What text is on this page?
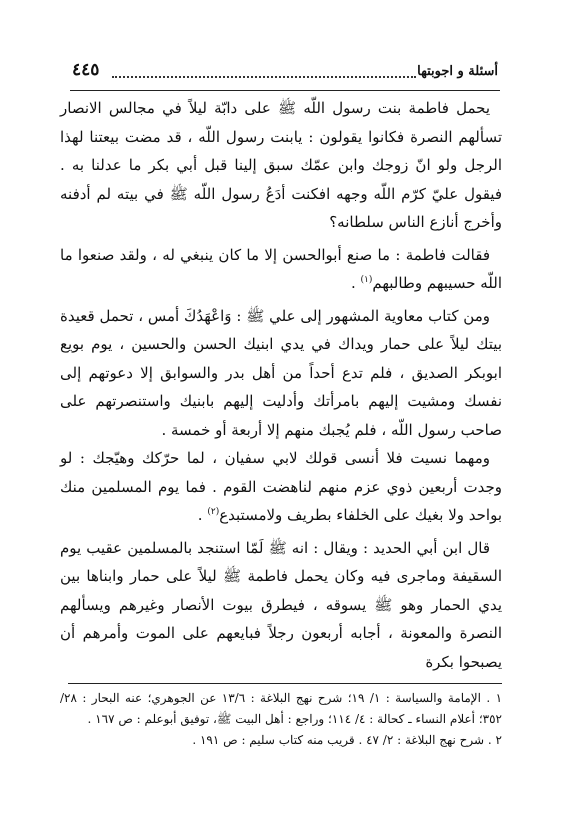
أسئلة و اجوبتها
٤٤٥

يحمل فاطمة بنت رسول اللّه ﷺ على دابّة ليلاً في مجالس الانصار تسألهم النصرة فكانوا يقولون : يابنت رسول اللّه ، قد مضت بيعتنا لهذا الرجل ولو انّ زوجك وابن عمّك سبق إلينا قبل أبي بكر ما عدلنا به . فيقول عليّ كرّم اللّه وجهه افكنت أدَعُ رسول اللّه ﷺ في بيته لم أدفنه وأخرج أنازع الناس سلطانه؟

فقالت فاطمة : ما صنع أبوالحسن إلا ما كان ينبغي له ، ولقد صنعوا ما اللّه حسيبهم وطالبهم$^{(١)}$ .

ومن كتاب معاوية المشهور إلى علي ﷺ : وَاعْهَدُكَ أمس ، تحمل قعيدة بيتك ليلاً على حمار ويداك في يدي ابنيك الحسن والحسين ، يوم بويع ابوبكر الصديق ، فلم تدع أحداً من أهل بدر والسوابق إلا دعوتهم إلى نفسك ومشيت إليهم بامرأتك وأدليت إليهم بابنيك واستنصرتهم على صاحب رسول اللّه ، فلم يُجبك منهم إلا أربعة أو خمسة .

ومهما نسيت فلا أنسى قولك لابي سفيان ، لما حرّكك وهيّجك : لو وجدت أربعين ذوي عزم منهم لناهضت القوم . فما يوم المسلمين منك بواحد ولا بغيك على الخلفاء بطريف ولامستبدع$^{(٢)}$ .

قال ابن أبي الحديد : ويقال : انه ﷺ لَمّا استنجد بالمسلمين عقيب يوم السقيفة وماجرى فيه وكان يحمل فاطمة ﷺ ليلاً على حمار وابناها بين يدي الحمار وهو ﷺ يسوقه ، فيطرق بيوت الأنصار وغيرهم ويسألهم النصرة والمعونة ، أجابه أربعون رجلاً فبايعهم على الموت وأمرهم أن يصبحوا بكرة

١ . الإمامة والسياسة : ١/ ١٩؛ شرح نهج البلاغة : ١٣/٦ عن الجوهري؛ عنه البحار : ٢٨/ ٣٥٢؛ أعلام النساء ـ كحالة : ٤/ ١١٤؛ وراجع : أهل البيت ﷺ، توفيق أبوعلم : ص ١٦٧ .

٢ . شرح نهج البلاغة : ٢/ ٤٧ . قريب منه كتاب سليم : ص ١٩١ .
